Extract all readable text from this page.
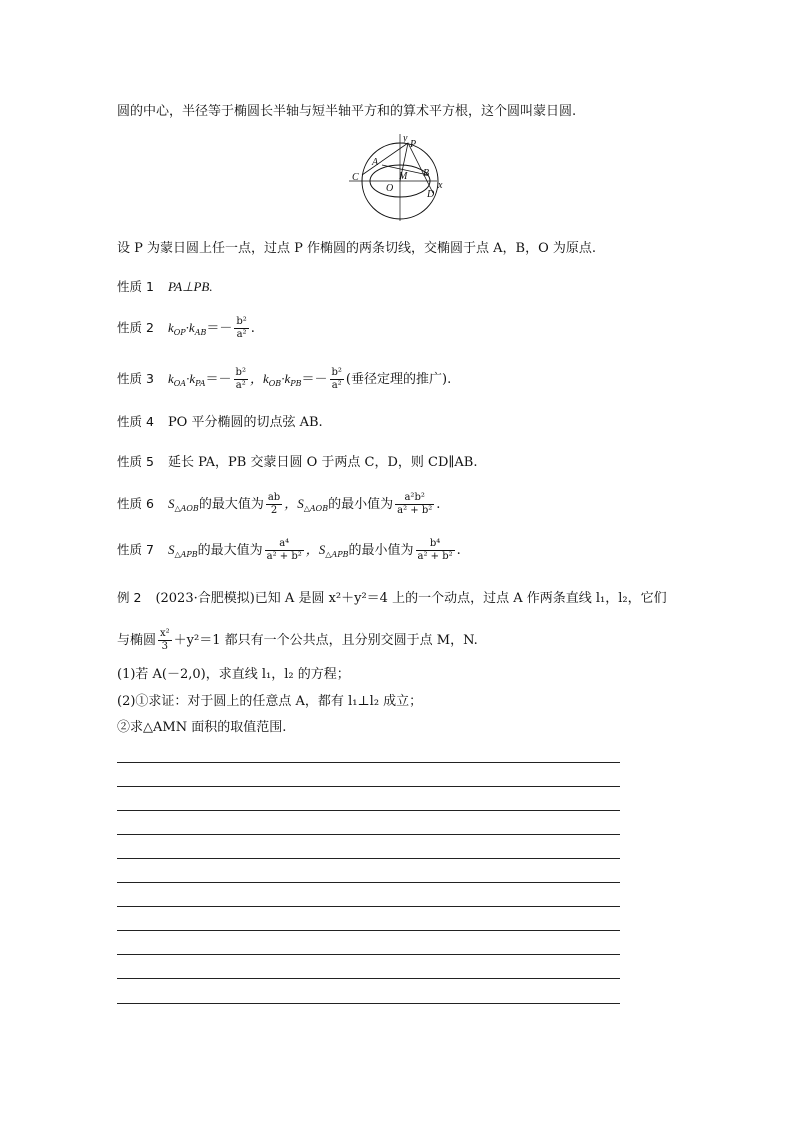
圆的中心，半径等于椭圆长半轴与短半轴平方和的算术平方根，这个圆叫蒙日圆.
y
P
A
M B
C
x
O
D
设 P 为蒙日圆上任一点，过点 P 作椭圆的两条切线，交椭圆于点 A，B，O 为原点.
性质 1 PA⊥PB.
性质 2 $k_{OP}\cdot k_{AB}=- \frac{\text{b²}}{\text{a²}}$ .
性质 3 $k_{OA}\cdot k_{PA}=- \frac{\text{b²}}{\text{a²}}$ ，$k_{OB}\cdot k_{PB}=- \frac{\text{b²}}{\text{a²}}$ (垂径定理的推广).
性质 4 PO 平分椭圆的切点弦 AB.
性质 5 延长 PA，PB 交蒙日圆 O 于两点 C，D，则 CD∥AB.
性质 6 $S_{\triangle AOB}$的最大值为 $\frac{ab}{2}$ ，$S_{\triangle AOB}$的最小值为 $\frac{\text{a²b²}}{\text{a² + b²}}$ .
性质 7 $S_{\triangle APB}$的最大值为 $\frac{\text{a⁴}}{\text{a² + b²}}$ ，$S_{\triangle APB}$的最小值为 $\frac{\text{b⁴}}{\text{a² + b²}}$ .
例 2 (2023·合肥模拟)已知 A 是圆 x²＋y²＝4 上的一个动点，过点 A 作两条直线 l₁，l₂，它们
与椭圆 $\frac{\text{x²}}{3} +y^2=1$ 都只有一个公共点，且分别交圆于点 M，N.
(1)若 A(－2,0)，求直线 l₁，l₂ 的方程；
(2)①求证：对于圆上的任意点 A，都有 l₁⊥l₂ 成立；
②求△AMN 面积的取值范围.
